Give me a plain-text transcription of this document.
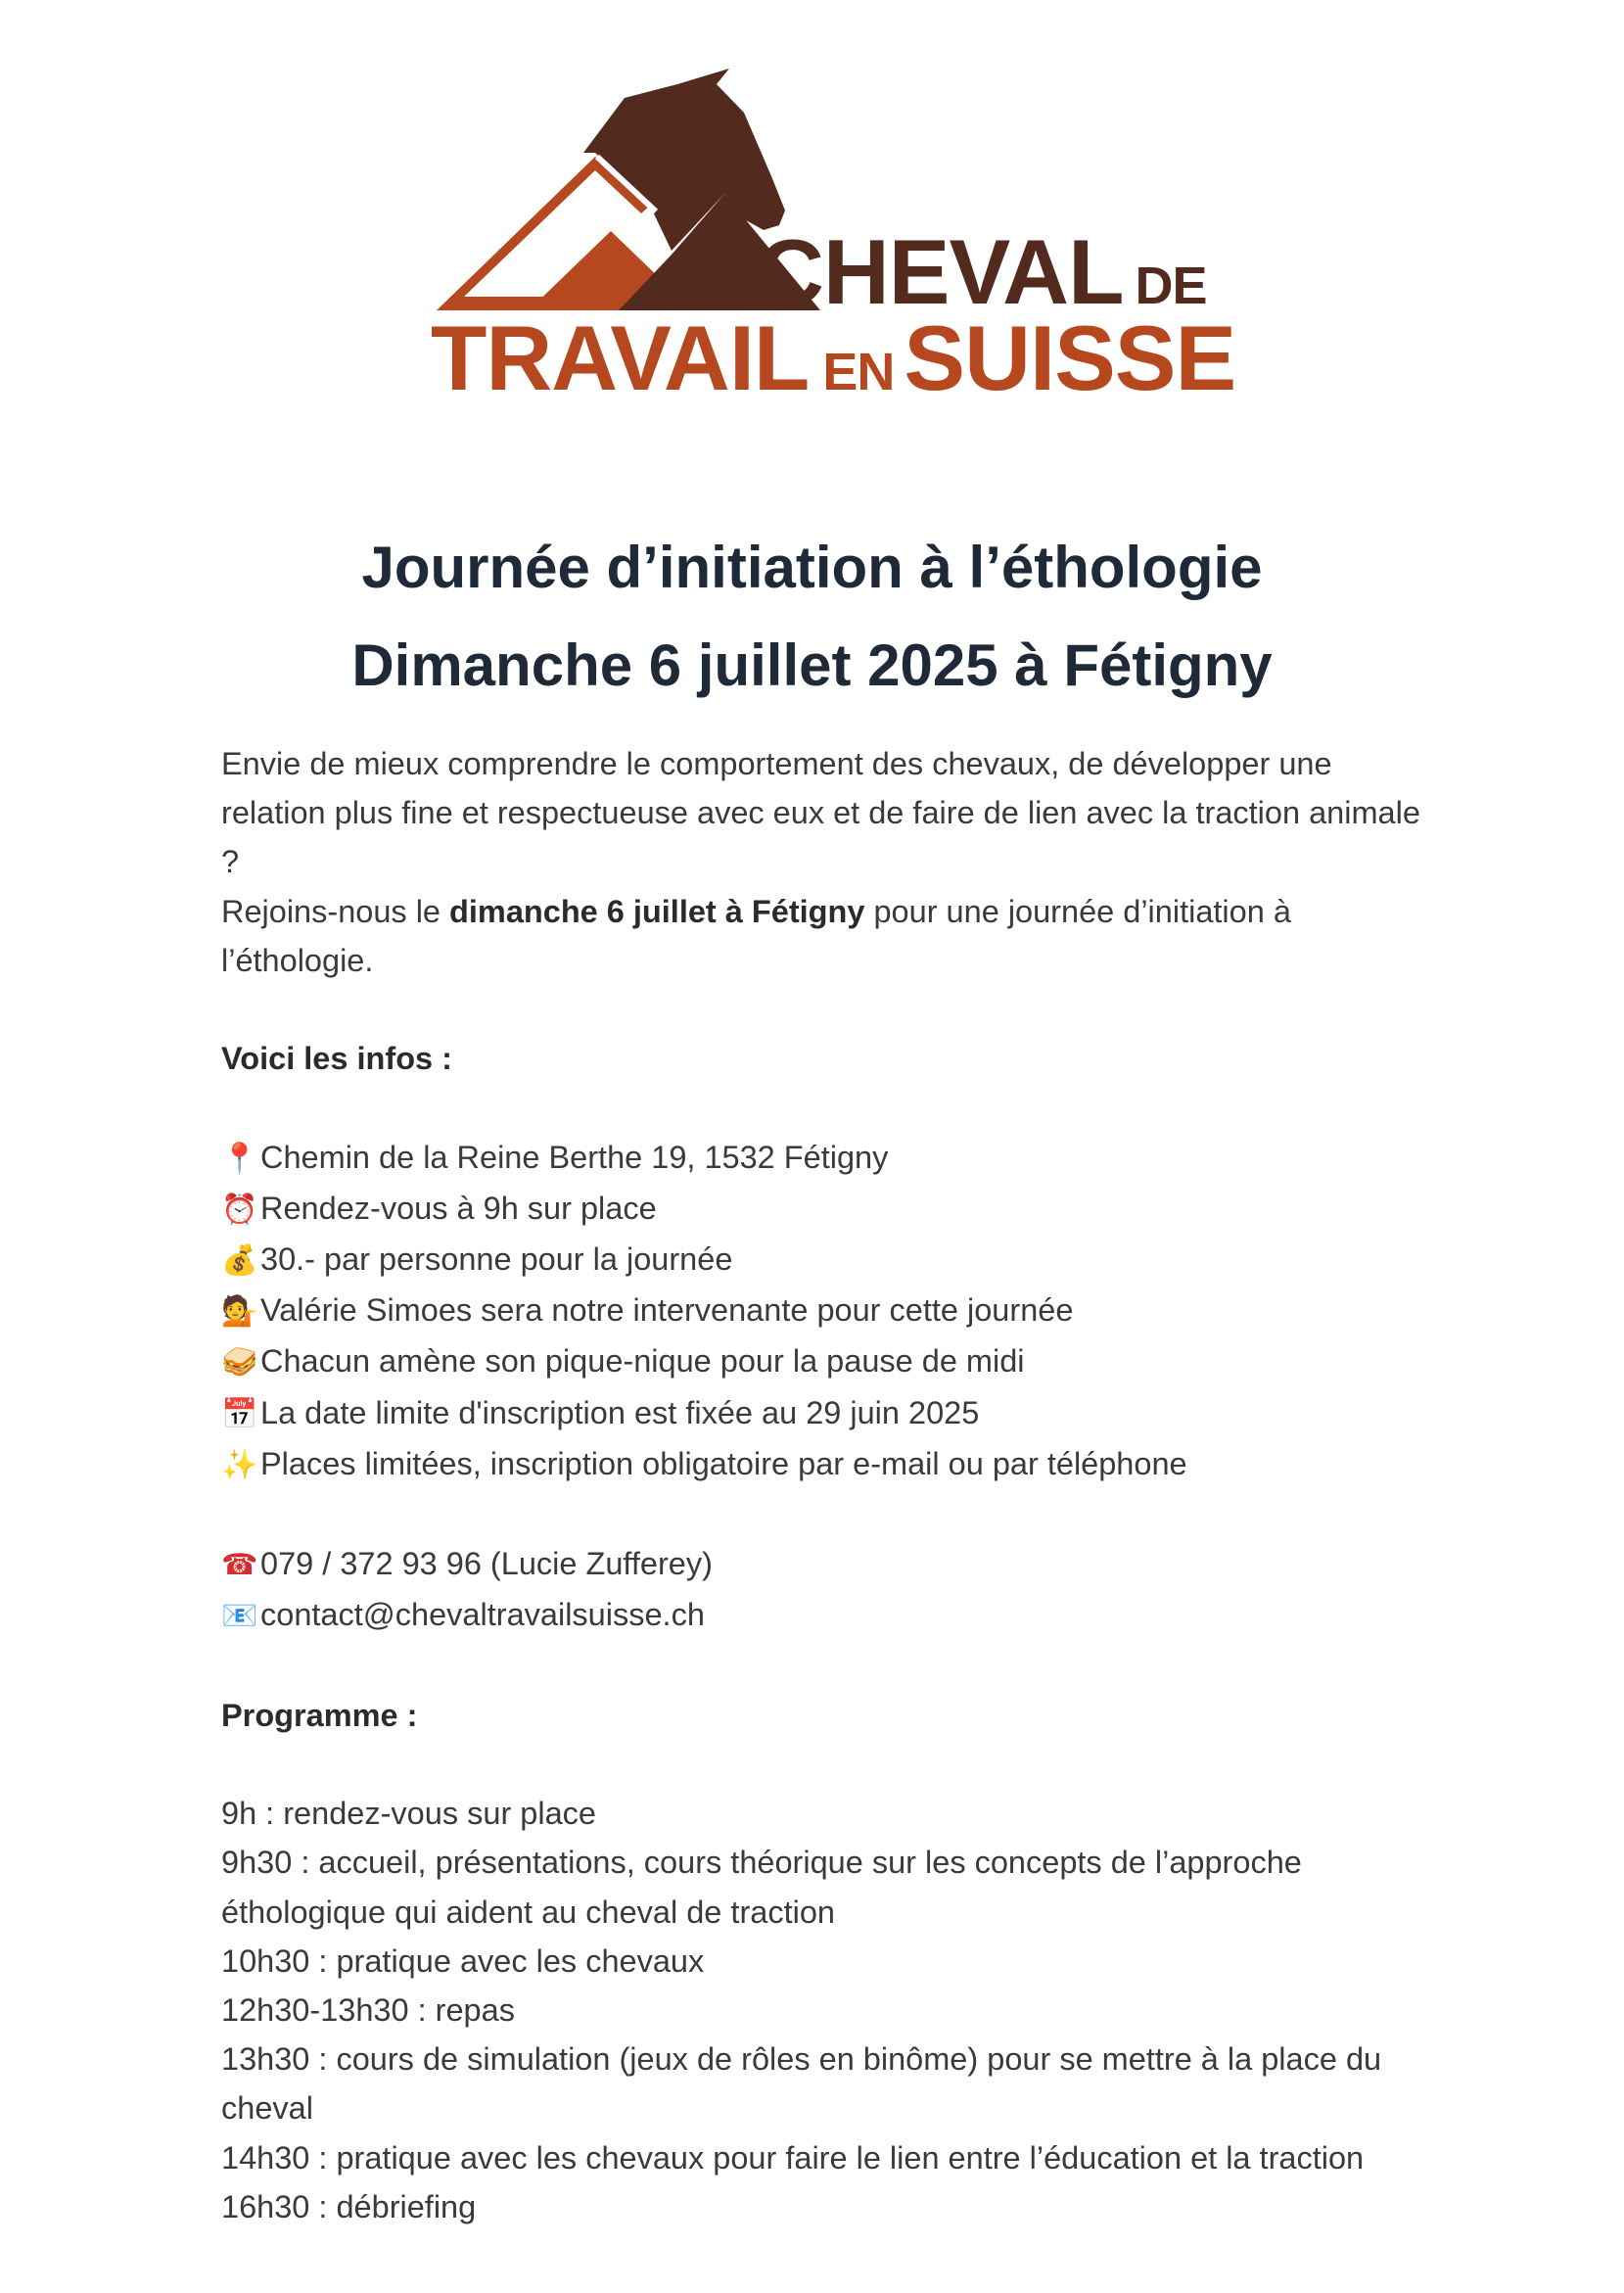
CHEVAL DE
TRAVAIL EN SUISSE
Journée d’initiation à l’éthologie
Dimanche 6 juillet 2025 à Fétigny

Envie de mieux comprendre le comportement des chevaux, de développer une relation plus fine et respectueuse avec eux et de faire de lien avec la traction animale ?

Rejoins-nous le dimanche 6 juillet à Fétigny pour une journée d’initiation à l’éthologie.

Voici les infos :

📍Chemin de la Reine Berthe 19, 1532 Fétigny

⏰Rendez-vous à 9h sur place

💰30.- par personne pour la journée

💁Valérie Simoes sera notre intervenante pour cette journée

🥪Chacun amène son pique-nique pour la pause de midi

📅La date limite d'inscription est fixée au 29 juin 2025

✨Places limitées, inscription obligatoire par e-mail ou par téléphone

☎079 / 372 93 96 (Lucie Zufferey)

📧contact@chevaltravailsuisse.ch

Programme :

9h : rendez-vous sur place

9h30 : accueil, présentations, cours théorique sur les concepts de l’approche éthologique qui aident au cheval de traction

10h30 : pratique avec les chevaux

12h30-13h30 : repas

13h30 : cours de simulation (jeux de rôles en binôme) pour se mettre à la place du cheval

14h30 : pratique avec les chevaux pour faire le lien entre l’éducation et la traction

16h30 : débriefing
